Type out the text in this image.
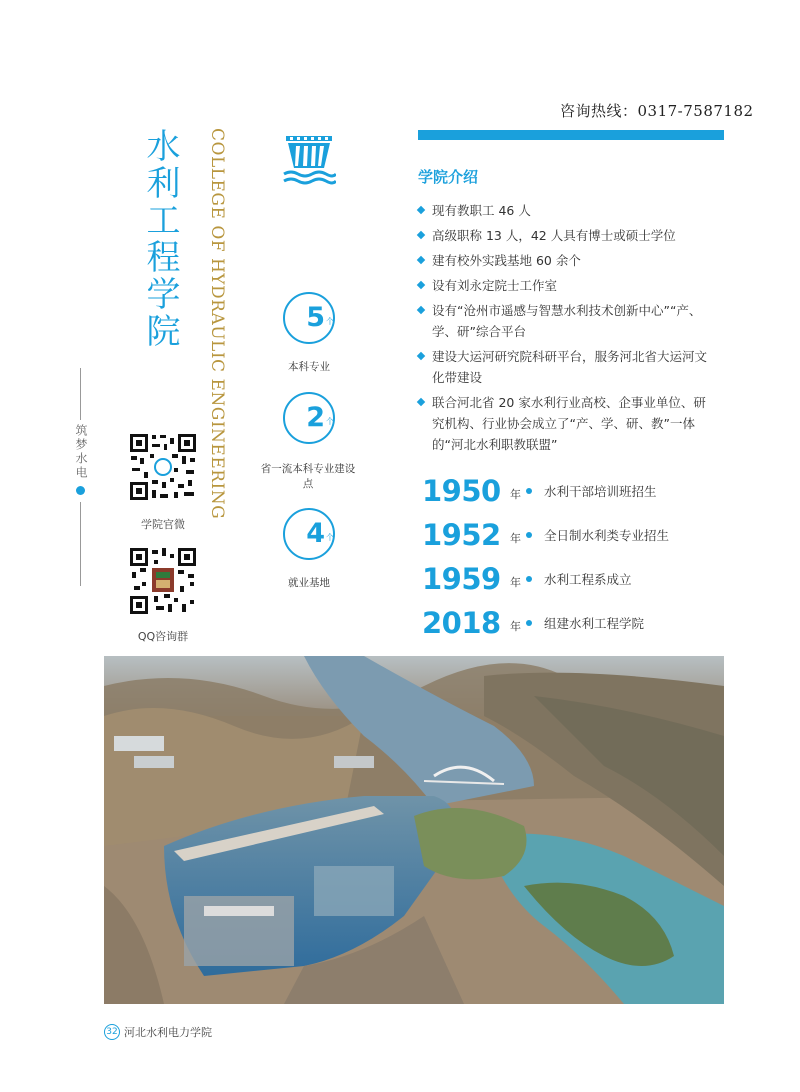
咨询热线：0317-7587182
水利工程学院	COLLEGE OF HYDRAULIC ENGINEERING
筑梦水电
学院官微
QQ咨询群
5 个
本科专业
2 个
省一流本科专业建设点
4 个
就业基地
学院介绍
现有教职工 46 人
高级职称 13 人，42 人具有博士或硕士学位
建有校外实践基地 60 余个
设有刘永定院士工作室
设有“沧州市遥感与智慧水利技术创新中心”“产、学、研”综合平台
建设大运河研究院科研平台，服务河北省大运河文化带建设
联合河北省 20 家水利行业高校、企事业单位、研究机构、行业协会成立了“产、学、研、教”一体的“河北水利职教联盟”
1950 年 水利干部培训班招生
1952 年 全日制水利类专业招生
1959 年 水利工程系成立
2018 年 组建水利工程学院
32 河北水利电力学院
